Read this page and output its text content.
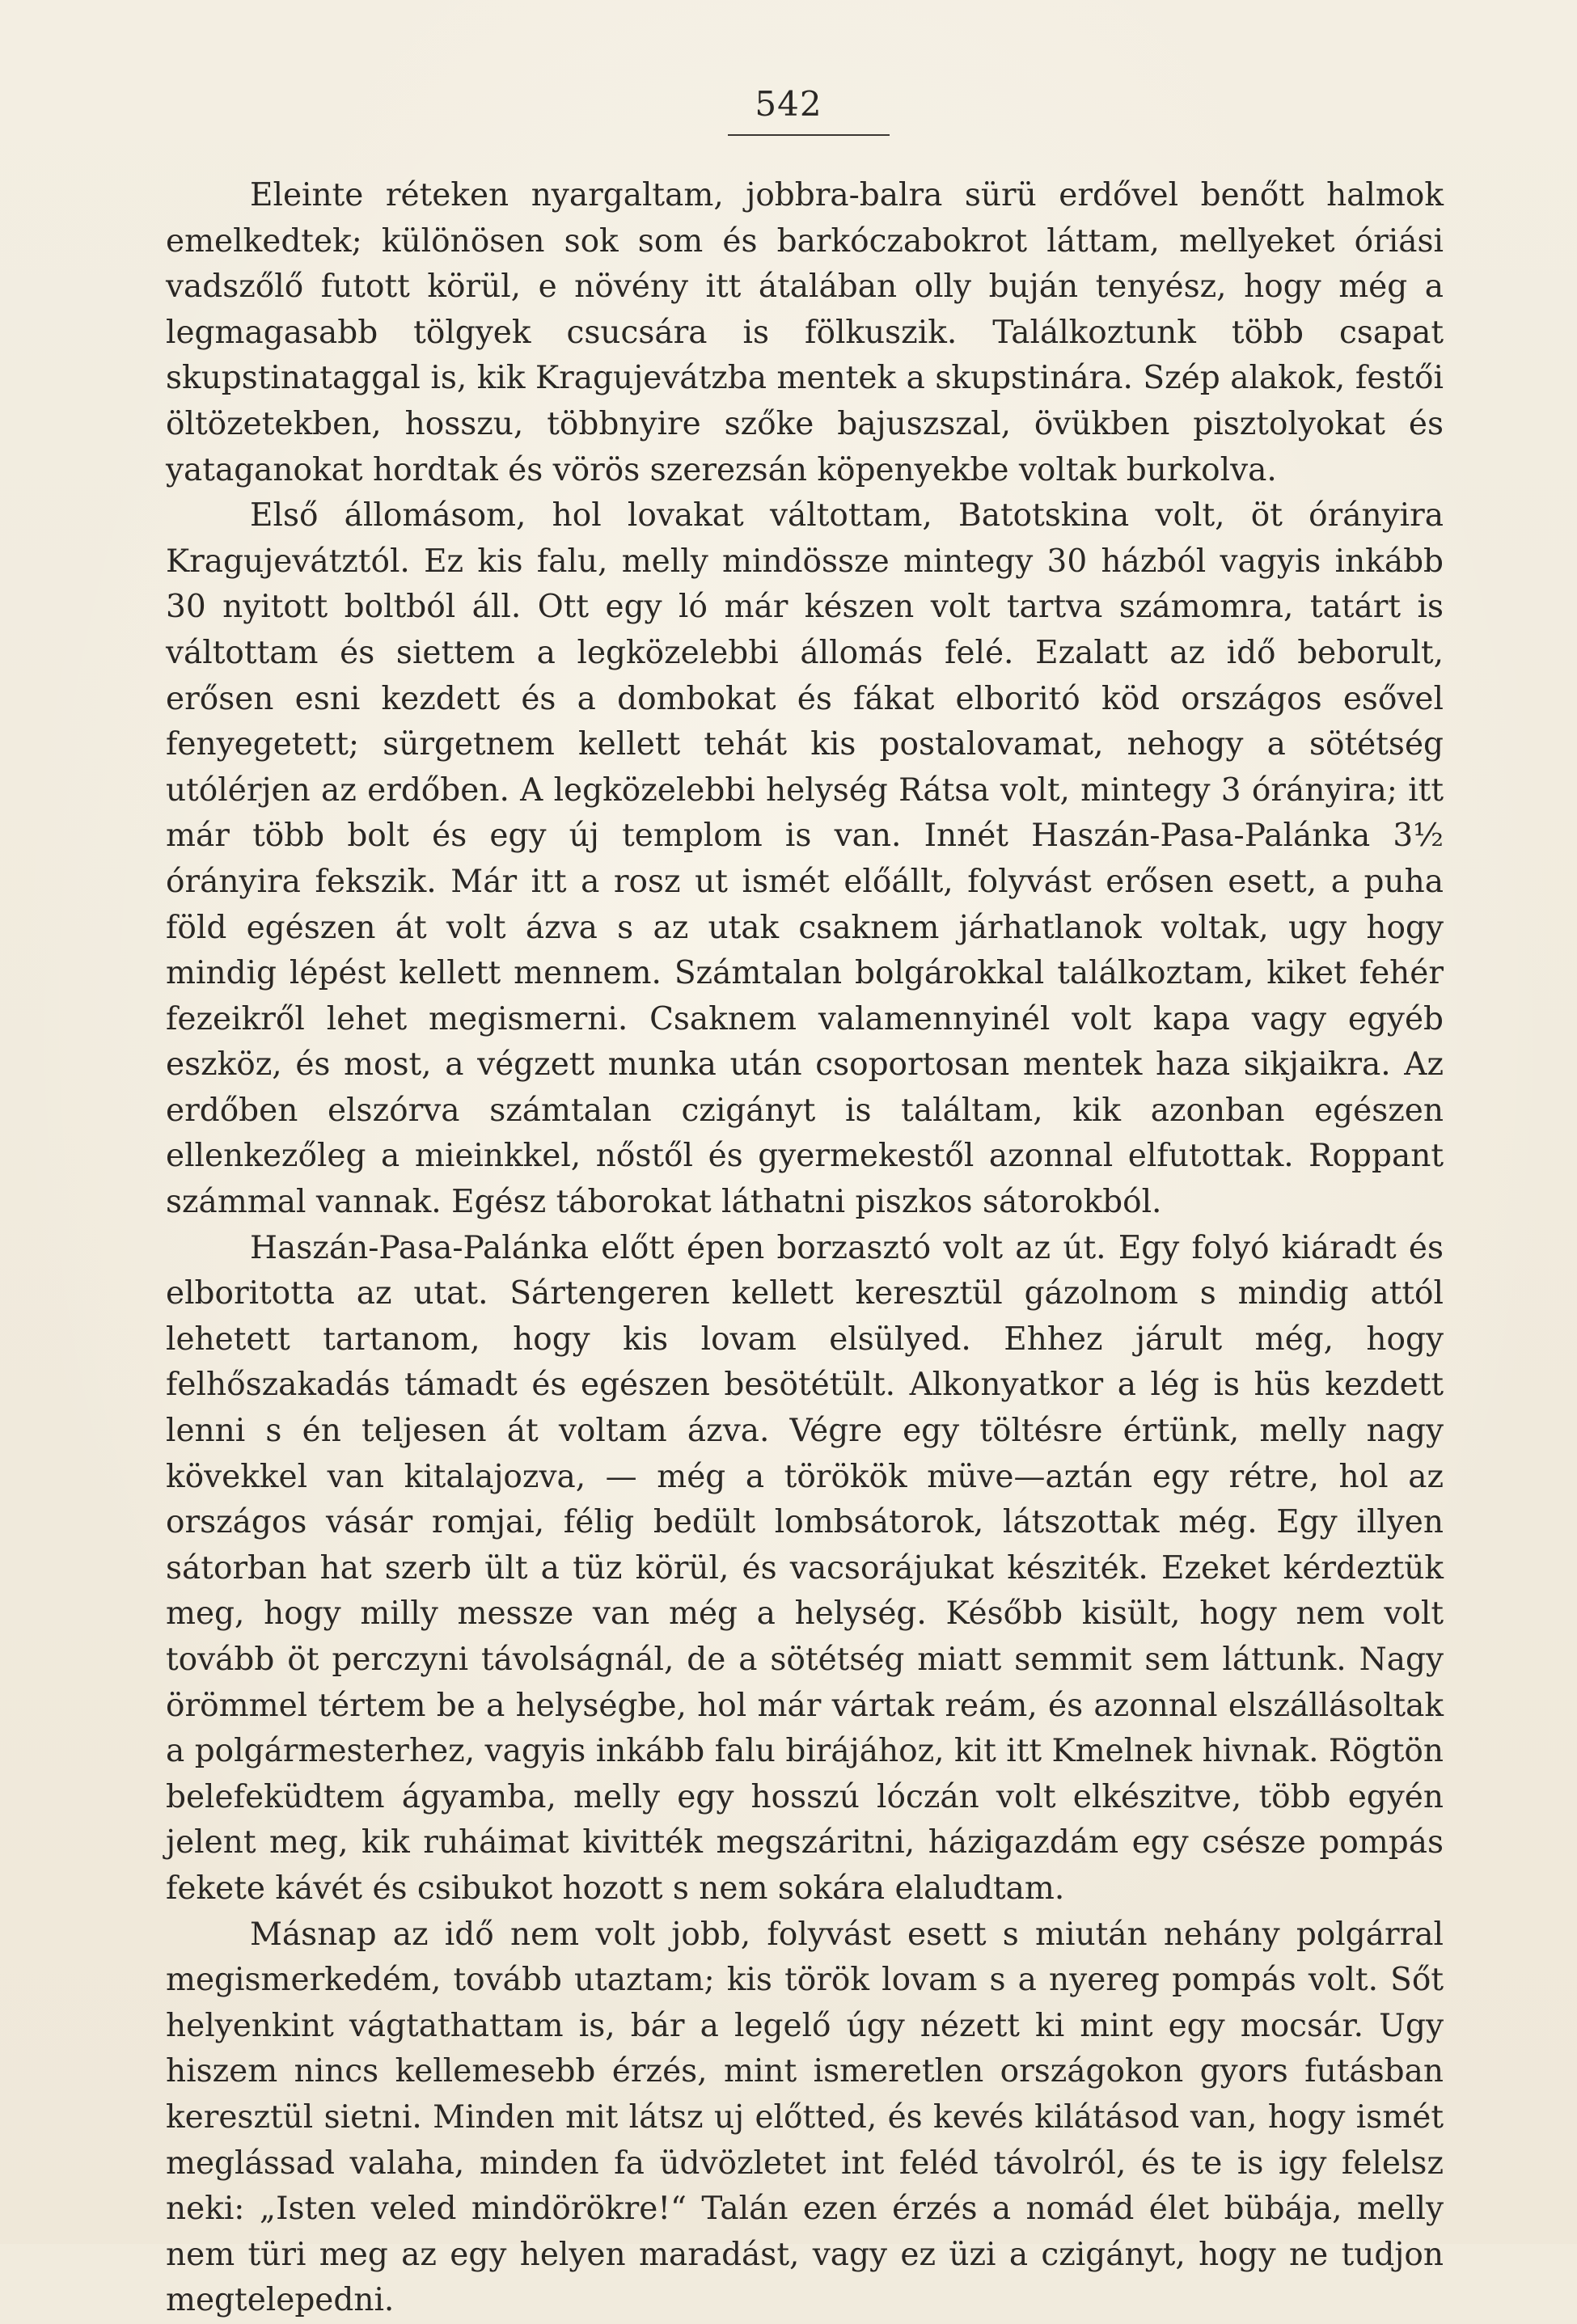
542

Eleinte réteken nyargaltam, jobbra-balra sürü erdővel benőtt halmok emelkedtek; különösen sok som és barkóczabokrot láttam, mellyeket óriási vadszőlő futott körül, e növény itt átalában olly buján tenyész, hogy még a legmagasabb tölgyek csucsára is fölkuszik. Találkoztunk több csapat skupstinataggal is, kik Kragujevátzba mentek a skupstinára. Szép alakok, festői öltözetekben, hosszu, többnyire szőke bajuszszal, övükben pisztolyokat és yataganokat hordtak és vörös szerezsán köpenyekbe voltak burkolva.

Első állomásom, hol lovakat váltottam, Batotskina volt, öt órányira Kragujevátztól. Ez kis falu, melly mindössze mintegy 30 házból vagyis inkább 30 nyitott boltból áll. Ott egy ló már készen volt tartva számomra, tatárt is váltottam és siettem a legközelebbi állomás felé. Ezalatt az idő beborult, erősen esni kezdett és a dombokat és fákat elboritó köd országos esővel fenyegetett; sürgetnem kellett tehát kis postalovamat, nehogy a sötétség utólérjen az erdőben. A legközelebbi helység Rátsa volt, mintegy 3 órányira; itt már több bolt és egy új templom is van. Innét Haszán-Pasa-Palánka 3½ órányira fekszik. Már itt a rosz ut ismét előállt, folyvást erősen esett, a puha föld egészen át volt ázva s az utak csaknem járhatlanok voltak, ugy hogy mindig lépést kellett mennem. Számtalan bolgárokkal találkoztam, kiket fehér fezeikről lehet megismerni. Csaknem valamennyinél volt kapa vagy egyéb eszköz, és most, a végzett munka után csoportosan mentek haza sikjaikra. Az erdőben elszórva számtalan czigányt is találtam, kik azonban egészen ellenkezőleg a mieinkkel, nőstől és gyermekestől azonnal elfutottak. Roppant számmal vannak. Egész táborokat láthatni piszkos sátorokból.

Haszán-Pasa-Palánka előtt épen borzasztó volt az út. Egy folyó kiáradt és elboritotta az utat. Sártengeren kellett keresztül gázolnom s mindig attól lehetett tartanom, hogy kis lovam elsülyed. Ehhez járult még, hogy felhőszakadás támadt és egészen besötétült. Alkonyatkor a lég is hüs kezdett lenni s én teljesen át voltam ázva. Végre egy töltésre értünk, melly nagy kövekkel van kitalajozva, — még a törökök müve—aztán egy rétre, hol az országos vásár romjai, félig bedült lombsátorok, látszottak még. Egy illyen sátorban hat szerb ült a tüz körül, és vacsorájukat késziték. Ezeket kérdeztük meg, hogy milly messze van még a helység. Később kisült, hogy nem volt tovább öt perczyni távolságnál, de a sötétség miatt semmit sem láttunk. Nagy örömmel tértem be a helységbe, hol már vártak reám, és azonnal elszállásoltak a polgármesterhez, vagyis inkább falu birájához, kit itt Kmelnek hivnak. Rögtön belefeküdtem ágyamba, melly egy hosszú lóczán volt elkészitve, több egyén jelent meg, kik ruháimat kivitték megszáritni, házigazdám egy csésze pompás fekete kávét és csibukot hozott s nem sokára elaludtam.

Másnap az idő nem volt jobb, folyvást esett s miután nehány polgárral megismerkedém, tovább utaztam; kis török lovam s a nyereg pompás volt. Sőt helyenkint vágtathattam is, bár a legelő úgy nézett ki mint egy mocsár. Ugy hiszem nincs kellemesebb érzés, mint ismeretlen országokon gyors futásban keresztül sietni. Minden mit látsz uj előtted, és kevés kilátásod van, hogy ismét meglássad valaha, minden fa üdvözletet int feléd távolról, és te is igy felelsz neki: „Isten veled mindörökre!“ Talán ezen érzés a nomád élet bübája, melly nem türi meg az egy helyen maradást, vagy ez üzi a czigányt, hogy ne tudjon megtelepedni.
